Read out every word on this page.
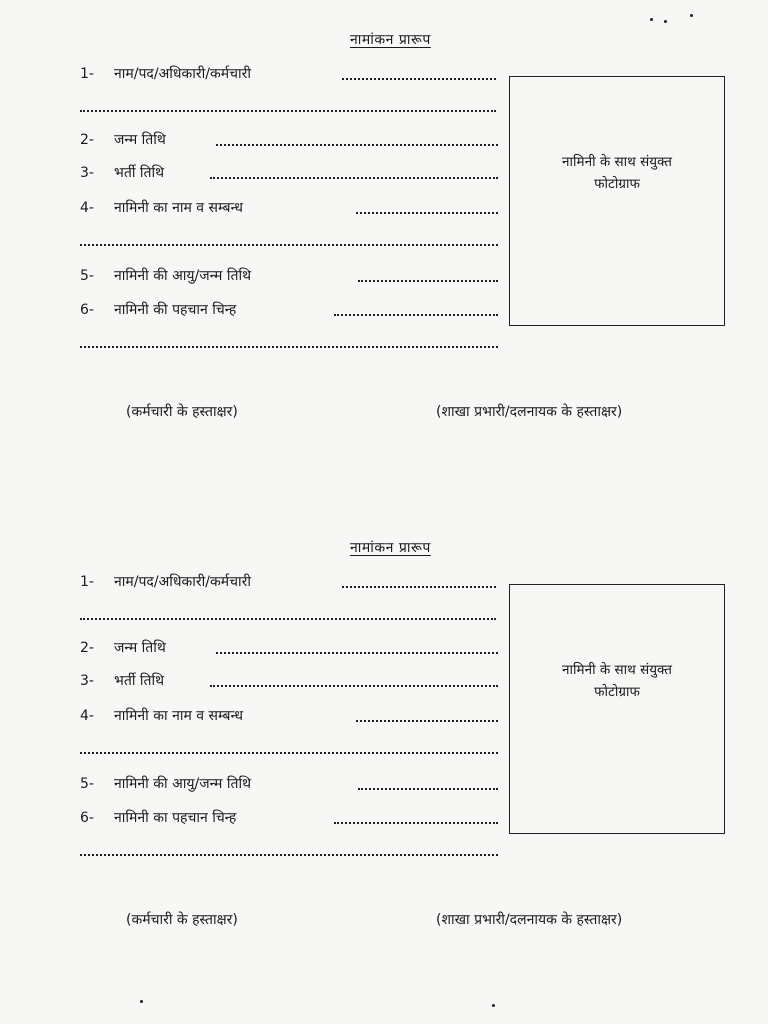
नामांकन प्रारूप
1- नाम/पद/अधिकारी/कर्मचारी
2- जन्म तिथि
3- भर्ती तिथि
4- नामिनी का नाम व सम्बन्ध
5- नामिनी की आयु/जन्म तिथि
6- नामिनी की पहचान चिन्ह
नामिनी के साथ संयुक्त
फोटोग्राफ
(कर्मचारी के हस्ताक्षर)	(शाखा प्रभारी/दलनायक के हस्ताक्षर)
नामांकन प्रारूप
1- नाम/पद/अधिकारी/कर्मचारी
2- जन्म तिथि
3- भर्ती तिथि
4- नामिनी का नाम व सम्बन्ध
5- नामिनी की आयु/जन्म तिथि
6- नामिनी का पहचान चिन्ह
नामिनी के साथ संयुक्त
फोटोग्राफ
(कर्मचारी के हस्ताक्षर)	(शाखा प्रभारी/दलनायक के हस्ताक्षर)
